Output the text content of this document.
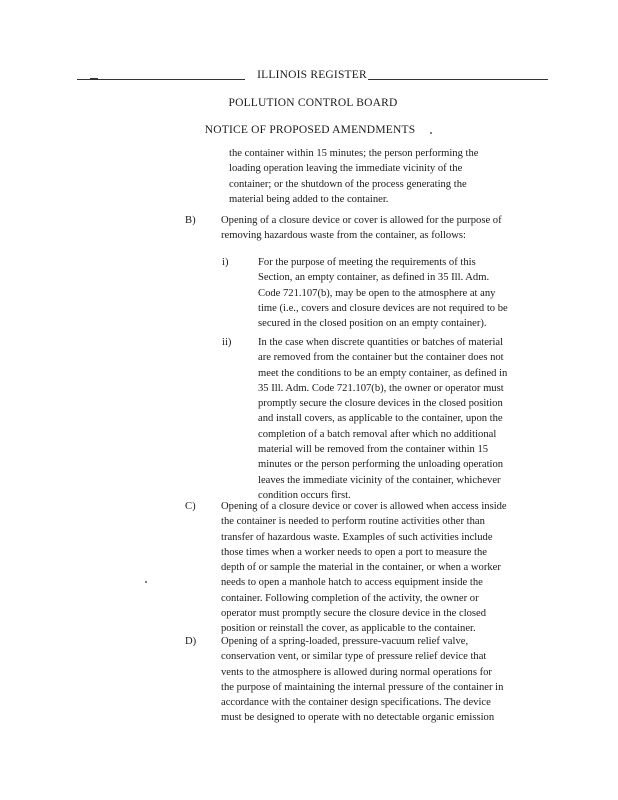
ILLINOIS REGISTER
POLLUTION CONTROL BOARD
NOTICE OF PROPOSED AMENDMENTS
the container within 15 minutes; the person performing the
loading operation leaving the immediate vicinity of the
container; or the shutdown of the process generating the
material being added to the container.
B) Opening of a closure device or cover is allowed for the purpose of
removing hazardous waste from the container, as follows:
i)	For the purpose of meeting the requirements of this
Section, an empty container, as defined in 35 Ill. Adm.
Code 721.107(b), may be open to the atmosphere at any
time (i.e., covers and closure devices are not required to be
secured in the closed position on an empty container).
ii)	In the case when discrete quantities or batches of material
are removed from the container but the container does not
meet the conditions to be an empty container, as defined in
35 Ill. Adm. Code 721.107(b), the owner or operator must
promptly secure the closure devices in the closed position
and install covers, as applicable to the container, upon the
completion of a batch removal after which no additional
material will be removed from the container within 15
minutes or the person performing the unloading operation
leaves the immediate vicinity of the container, whichever
condition occurs first.
C) Opening of a closure device or cover is allowed when access inside
the container is needed to perform routine activities other than
transfer of hazardous waste. Examples of such activities include
those times when a worker needs to open a port to measure the
depth of or sample the material in the container, or when a worker
needs to open a manhole hatch to access equipment inside the
container. Following completion of the activity, the owner or
operator must promptly secure the closure device in the closed
position or reinstall the cover, as applicable to the container.
D) Opening of a spring-loaded, pressure-vacuum relief valve,
conservation vent, or similar type of pressure relief device that
vents to the atmosphere is allowed during normal operations for
the purpose of maintaining the internal pressure of the container in
accordance with the container design specifications. The device
must be designed to operate with no detectable organic emission
